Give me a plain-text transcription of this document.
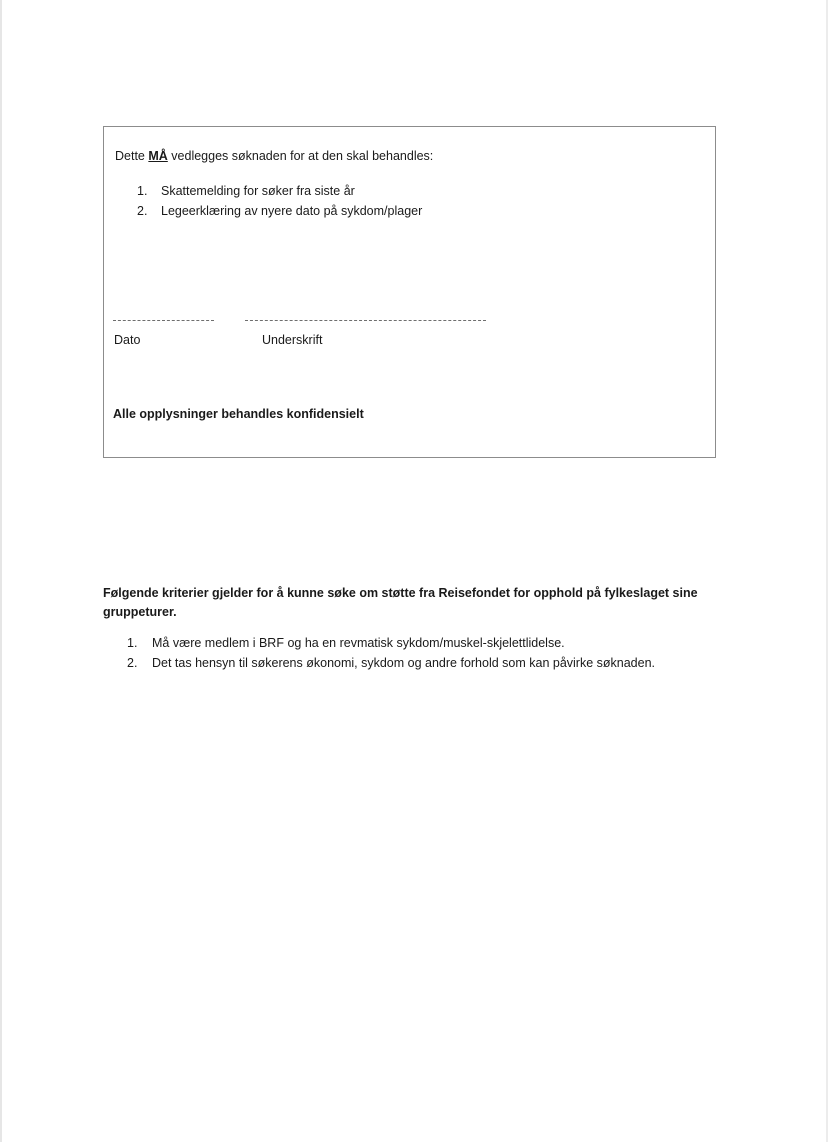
Dette MÅ vedlegges søknaden for at den skal behandles:
1. Skattemelding for søker fra siste år
2. Legeerklæring av nyere dato på sykdom/plager
Dato	Underskrift
Alle opplysninger behandles konfidensielt
Følgende kriterier gjelder for å kunne søke om støtte fra Reisefondet for opphold på fylkeslaget sine gruppeturer.
1. Må være medlem i BRF og ha en revmatisk sykdom/muskel-skjelettlidelse.
2. Det tas hensyn til søkerens økonomi, sykdom og andre forhold som kan påvirke søknaden.
